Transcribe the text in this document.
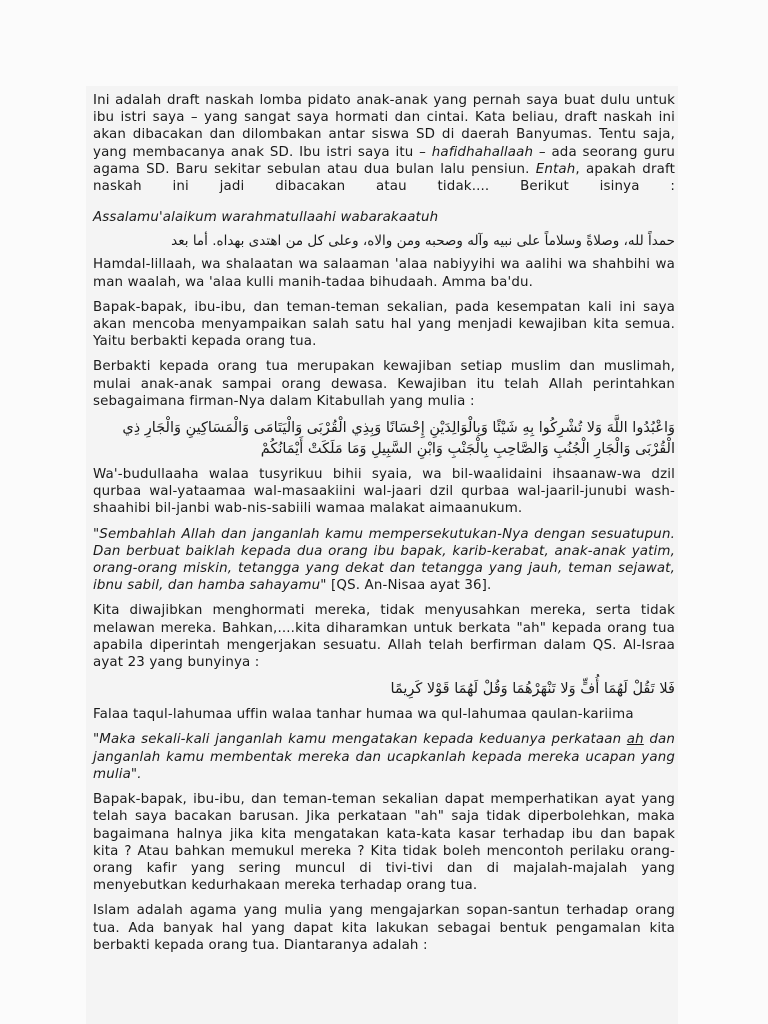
Ini adalah draft naskah lomba pidato anak-anak yang pernah saya buat dulu untuk ibu istri saya – yang sangat saya hormati dan cintai. Kata beliau, draft naskah ini akan dibacakan dan dilombakan antar siswa SD di daerah Banyumas. Tentu saja, yang membacanya anak SD. Ibu istri saya itu – hafidhahallaah – ada seorang guru agama SD. Baru sekitar sebulan atau dua bulan lalu pensiun. Entah, apakah draft naskah ini jadi dibacakan atau tidak.... Berikut isinya :

Assalamu'alaikum warahmatullaahi wabarakaatuh

حمداً لله، وصلاةً وسلاماً على نبيه وآله وصحبه ومن والاه، وعلى كل من اهتدى بهداه. أما بعد

Hamdal-lillaah, wa shalaatan wa salaaman 'alaa nabiyyihi wa aalihi wa shahbihi wa man waalah, wa 'alaa kulli manih-tadaa bihudaah. Amma ba'du.

Bapak-bapak, ibu-ibu, dan teman-teman sekalian, pada kesempatan kali ini saya akan mencoba menyampaikan salah satu hal yang menjadi kewajiban kita semua. Yaitu berbakti kepada orang tua.

Berbakti kepada orang tua merupakan kewajiban setiap muslim dan muslimah, mulai anak-anak sampai orang dewasa. Kewajiban itu telah Allah perintahkan sebagaimana firman-Nya dalam Kitabullah yang mulia :

وَاعْبُدُوا اللَّهَ وَلا تُشْرِكُوا بِهِ شَيْئًا وَبِالْوَالِدَيْنِ إِحْسَانًا وَبِذِي الْقُرْبَى وَالْيَتَامَى وَالْمَسَاكِينِ وَالْجَارِ ذِي الْقُرْبَى وَالْجَارِ الْجُنُبِ وَالصَّاحِبِ بِالْجَنْبِ وَابْنِ السَّبِيلِ وَمَا مَلَكَتْ أَيْمَانُكُمْ

Wa'-budullaaha walaa tusyrikuu bihii syaia, wa bil-waalidaini ihsaanaw-wa dzil qurbaa wal-yataamaa wal-masaakiini wal-jaari dzil qurbaa wal-jaaril-junubi wash-shaahibi bil-janbi wab-nis-sabiili wamaa malakat aimaanukum.

"Sembahlah Allah dan janganlah kamu mempersekutukan-Nya dengan sesuatupun. Dan berbuat baiklah kepada dua orang ibu bapak, karib-kerabat, anak-anak yatim, orang-orang miskin, tetangga yang dekat dan tetangga yang jauh, teman sejawat, ibnu sabil, dan hamba sahayamu" [QS. An-Nisaa ayat 36].

Kita diwajibkan menghormati mereka, tidak menyusahkan mereka, serta tidak melawan mereka. Bahkan,....kita diharamkan untuk berkata "ah" kepada orang tua apabila diperintah mengerjakan sesuatu. Allah telah berfirman dalam QS. Al-Israa ayat 23 yang bunyinya :

فَلا تَقُلْ لَهُمَا أُفٍّ وَلا تَنْهَرْهُمَا وَقُلْ لَهُمَا قَوْلا كَرِيمًا

Falaa taqul-lahumaa uffin walaa tanhar humaa wa qul-lahumaa qaulan-kariima

"Maka sekali-kali janganlah kamu mengatakan kepada keduanya perkataan ah dan janganlah kamu membentak mereka dan ucapkanlah kepada mereka ucapan yang mulia".

Bapak-bapak, ibu-ibu, dan teman-teman sekalian dapat memperhatikan ayat yang telah saya bacakan barusan. Jika perkataan "ah" saja tidak diperbolehkan, maka bagaimana halnya jika kita mengatakan kata-kata kasar terhadap ibu dan bapak kita ? Atau bahkan memukul mereka ? Kita tidak boleh mencontoh perilaku orang-orang kafir yang sering muncul di tivi-tivi dan di majalah-majalah yang menyebutkan kedurhakaan mereka terhadap orang tua.

Islam adalah agama yang mulia yang mengajarkan sopan-santun terhadap orang tua. Ada banyak hal yang dapat kita lakukan sebagai bentuk pengamalan kita berbakti kepada orang tua. Diantaranya adalah :
